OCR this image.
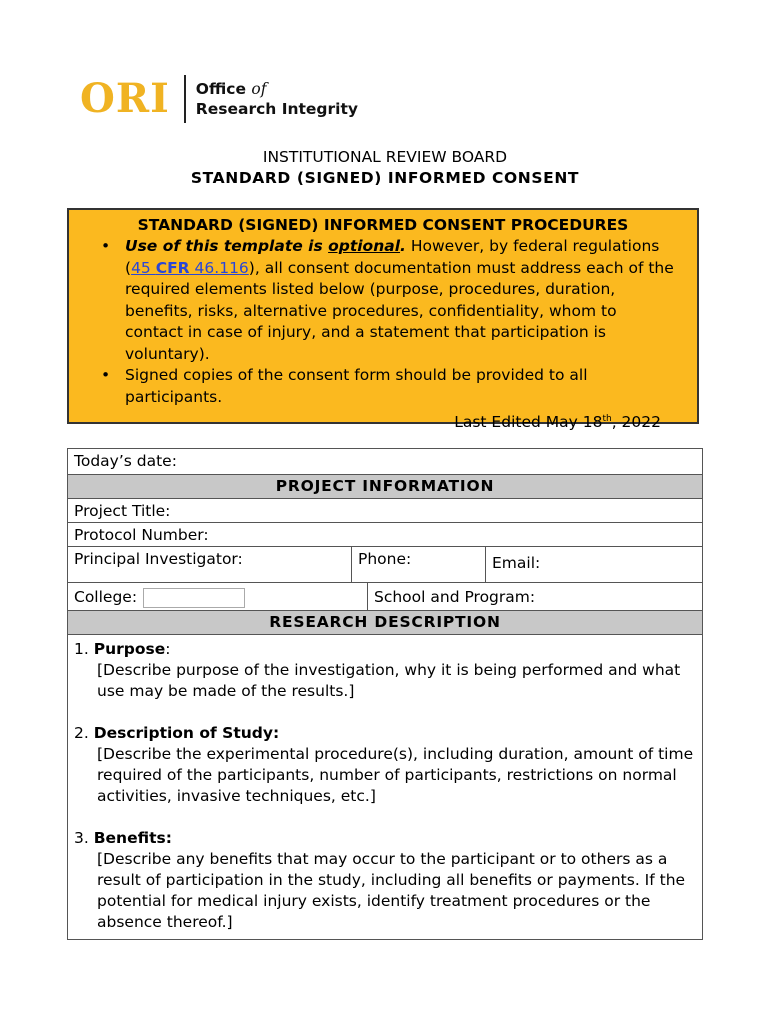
ORI Office of
Research Integrity
INSTITUTIONAL REVIEW BOARD
STANDARD (SIGNED) INFORMED CONSENT
STANDARD (SIGNED) INFORMED CONSENT PROCEDURES
• Use of this template is optional. However, by federal regulations (45 CFR 46.116), all consent documentation must address each of the required elements listed below (purpose, procedures, duration, benefits, risks, alternative procedures, confidentiality, whom to contact in case of injury, and a statement that participation is voluntary).
• Signed copies of the consent form should be provided to all participants.
Last Edited May 18th, 2022
Today’s date:
PROJECT INFORMATION
Project Title:
Protocol Number:
Principal Investigator:	Phone:	Email:
College:	School and Program:
RESEARCH DESCRIPTION
1. Purpose:
[Describe purpose of the investigation, why it is being performed and what use may be made of the results.]
2. Description of Study:
[Describe the experimental procedure(s), including duration, amount of time required of the participants, number of participants, restrictions on normal activities, invasive techniques, etc.]
3. Benefits:
[Describe any benefits that may occur to the participant or to others as a result of participation in the study, including all benefits or payments. If the potential for medical injury exists, identify treatment procedures or the absence thereof.]
